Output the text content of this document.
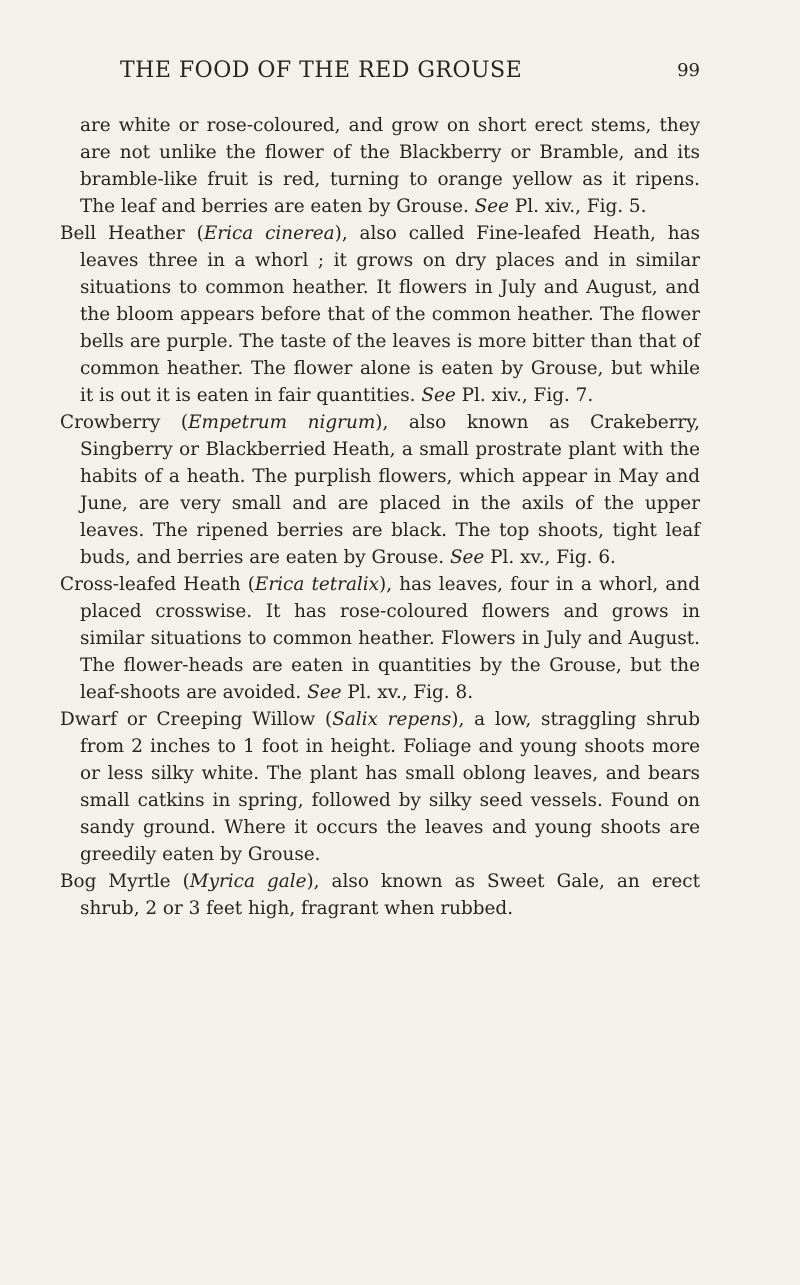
THE FOOD OF THE RED GROUSE	99

are white or rose-coloured, and grow on short erect stems, they are not unlike the flower of the Blackberry or Bramble, and its bramble-like fruit is red, turning to orange yellow as it ripens. The leaf and berries are eaten by Grouse. See Pl. xiv., Fig. 5.

Bell Heather (Erica cinerea), also called Fine-leafed Heath, has leaves three in a whorl ; it grows on dry places and in similar situations to common heather. It flowers in July and August, and the bloom appears before that of the common heather. The flower bells are purple. The taste of the leaves is more bitter than that of common heather. The flower alone is eaten by Grouse, but while it is out it is eaten in fair quantities. See Pl. xiv., Fig. 7.

Crowberry (Empetrum nigrum), also known as Crakeberry, Singberry or Blackberried Heath, a small prostrate plant with the habits of a heath. The purplish flowers, which appear in May and June, are very small and are placed in the axils of the upper leaves. The ripened berries are black. The top shoots, tight leaf buds, and berries are eaten by Grouse. See Pl. xv., Fig. 6.

Cross-leafed Heath (Erica tetralix), has leaves, four in a whorl, and placed crosswise. It has rose-coloured flowers and grows in similar situations to common heather. Flowers in July and August. The flower-heads are eaten in quantities by the Grouse, but the leaf-shoots are avoided. See Pl. xv., Fig. 8.

Dwarf or Creeping Willow (Salix repens), a low, straggling shrub from 2 inches to 1 foot in height. Foliage and young shoots more or less silky white. The plant has small oblong leaves, and bears small catkins in spring, followed by silky seed vessels. Found on sandy ground. Where it occurs the leaves and young shoots are greedily eaten by Grouse.

Bog Myrtle (Myrica gale), also known as Sweet Gale, an erect shrub, 2 or 3 feet high, fragrant when rubbed.
